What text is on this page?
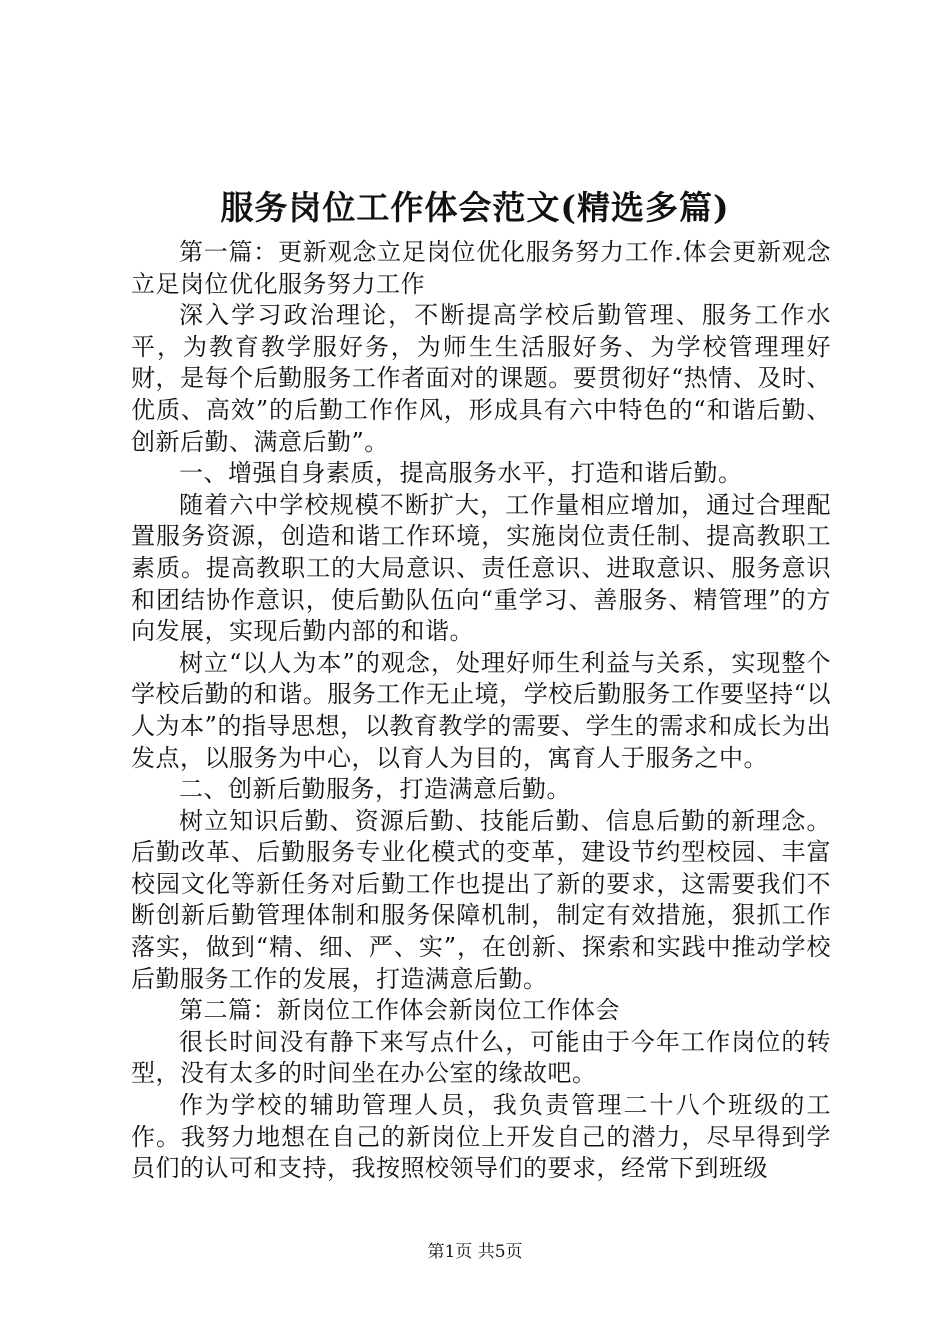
服务岗位工作体会范文(精选多篇)

第一篇：更新观念立足岗位优化服务努力工作.体会更新观念立足岗位优化服务努力工作

深入学习政治理论，不断提高学校后勤管理、服务工作水平，为教育教学服好务，为师生生活服好务、为学校管理理好财，是每个后勤服务工作者面对的课题。要贯彻好“热情、及时、优质、高效”的后勤工作作风，形成具有六中特色的“和谐后勤、创新后勤、满意后勤”。

一、增强自身素质，提高服务水平，打造和谐后勤。

随着六中学校规模不断扩大，工作量相应增加，通过合理配置服务资源，创造和谐工作环境，实施岗位责任制、提高教职工素质。提高教职工的大局意识、责任意识、进取意识、服务意识和团结协作意识，使后勤队伍向“重学习、善服务、精管理”的方向发展，实现后勤内部的和谐。

树立“以人为本”的观念，处理好师生利益与关系，实现整个学校后勤的和谐。服务工作无止境，学校后勤服务工作要坚持“以人为本”的指导思想，以教育教学的需要、学生的需求和成长为出发点，以服务为中心，以育人为目的，寓育人于服务之中。

二、创新后勤服务，打造满意后勤。

树立知识后勤、资源后勤、技能后勤、信息后勤的新理念。后勤改革、后勤服务专业化模式的变革，建设节约型校园、丰富校园文化等新任务对后勤工作也提出了新的要求，这需要我们不断创新后勤管理体制和服务保障机制，制定有效措施，狠抓工作落实，做到“精、细、严、实”，在创新、探索和实践中推动学校后勤服务工作的发展，打造满意后勤。

第二篇：新岗位工作体会新岗位工作体会

很长时间没有静下来写点什么，可能由于今年工作岗位的转型，没有太多的时间坐在办公室的缘故吧。

作为学校的辅助管理人员，我负责管理二十八个班级的工作。我努力地想在自己的新岗位上开发自己的潜力，尽早得到学员们的认可和支持，我按照校领导们的要求，经常下到班级

第1页 共5页
